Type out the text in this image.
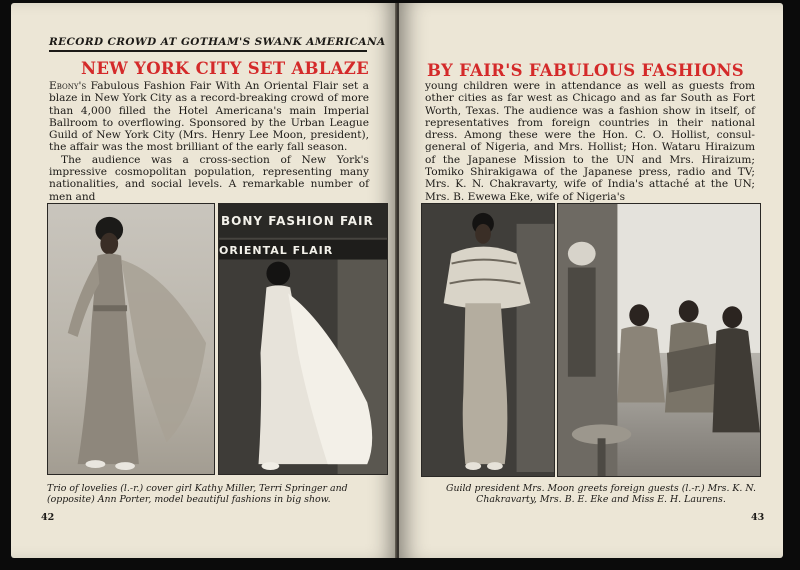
RECORD CROWD AT GOTHAM'S SWANK AMERICANA
NEW YORK CITY SET ABLAZE

Ebony's Fabulous Fashion Fair With An Oriental Flair set a blaze in New York City as a record-breaking crowd of more than 4,000 filled the Hotel Americana's main Imperial Ballroom to overflowing. Sponsored by the Urban League Guild of New York City (Mrs. Henry Lee Moon, president), the affair was the most brilliant of the early fall season.

The audience was a cross-section of New York's impressive cosmopolitan population, representing many nationalities, and social levels. A remarkable number of men and

BONY FASHION FAIR
ORIENTAL FLAIR
Trio of lovelies (l.-r.) cover girl Kathy Miller, Terri Springer and (opposite) Ann Porter, model beautiful fashions in big show.
42
BY FAIR'S FABULOUS FASHIONS
young children were in attendance as well as guests from other cities as far west as Chicago and as far South as Fort Worth, Texas. The audience was a fashion show in itself, of representatives from foreign countries in their national dress. Among these were the Hon. C. O. Hollist, consul-general of Nigeria, and Mrs. Hollist; Hon. Wataru Hiraizum of the Japanese Mission to the UN and Mrs. Hiraizum; Tomiko Shirakigawa of the Japanese press, radio and TV; Mrs. K. N. Chakravarty, wife of India's attaché at the UN; Mrs. B. Ewewa Eke, wife of Nigeria's
Guild president Mrs. Moon greets foreign guests (l.-r.) Mrs. K. N. Chakravarty, Mrs. B. E. Eke and Miss E. H. Laurens.
43
